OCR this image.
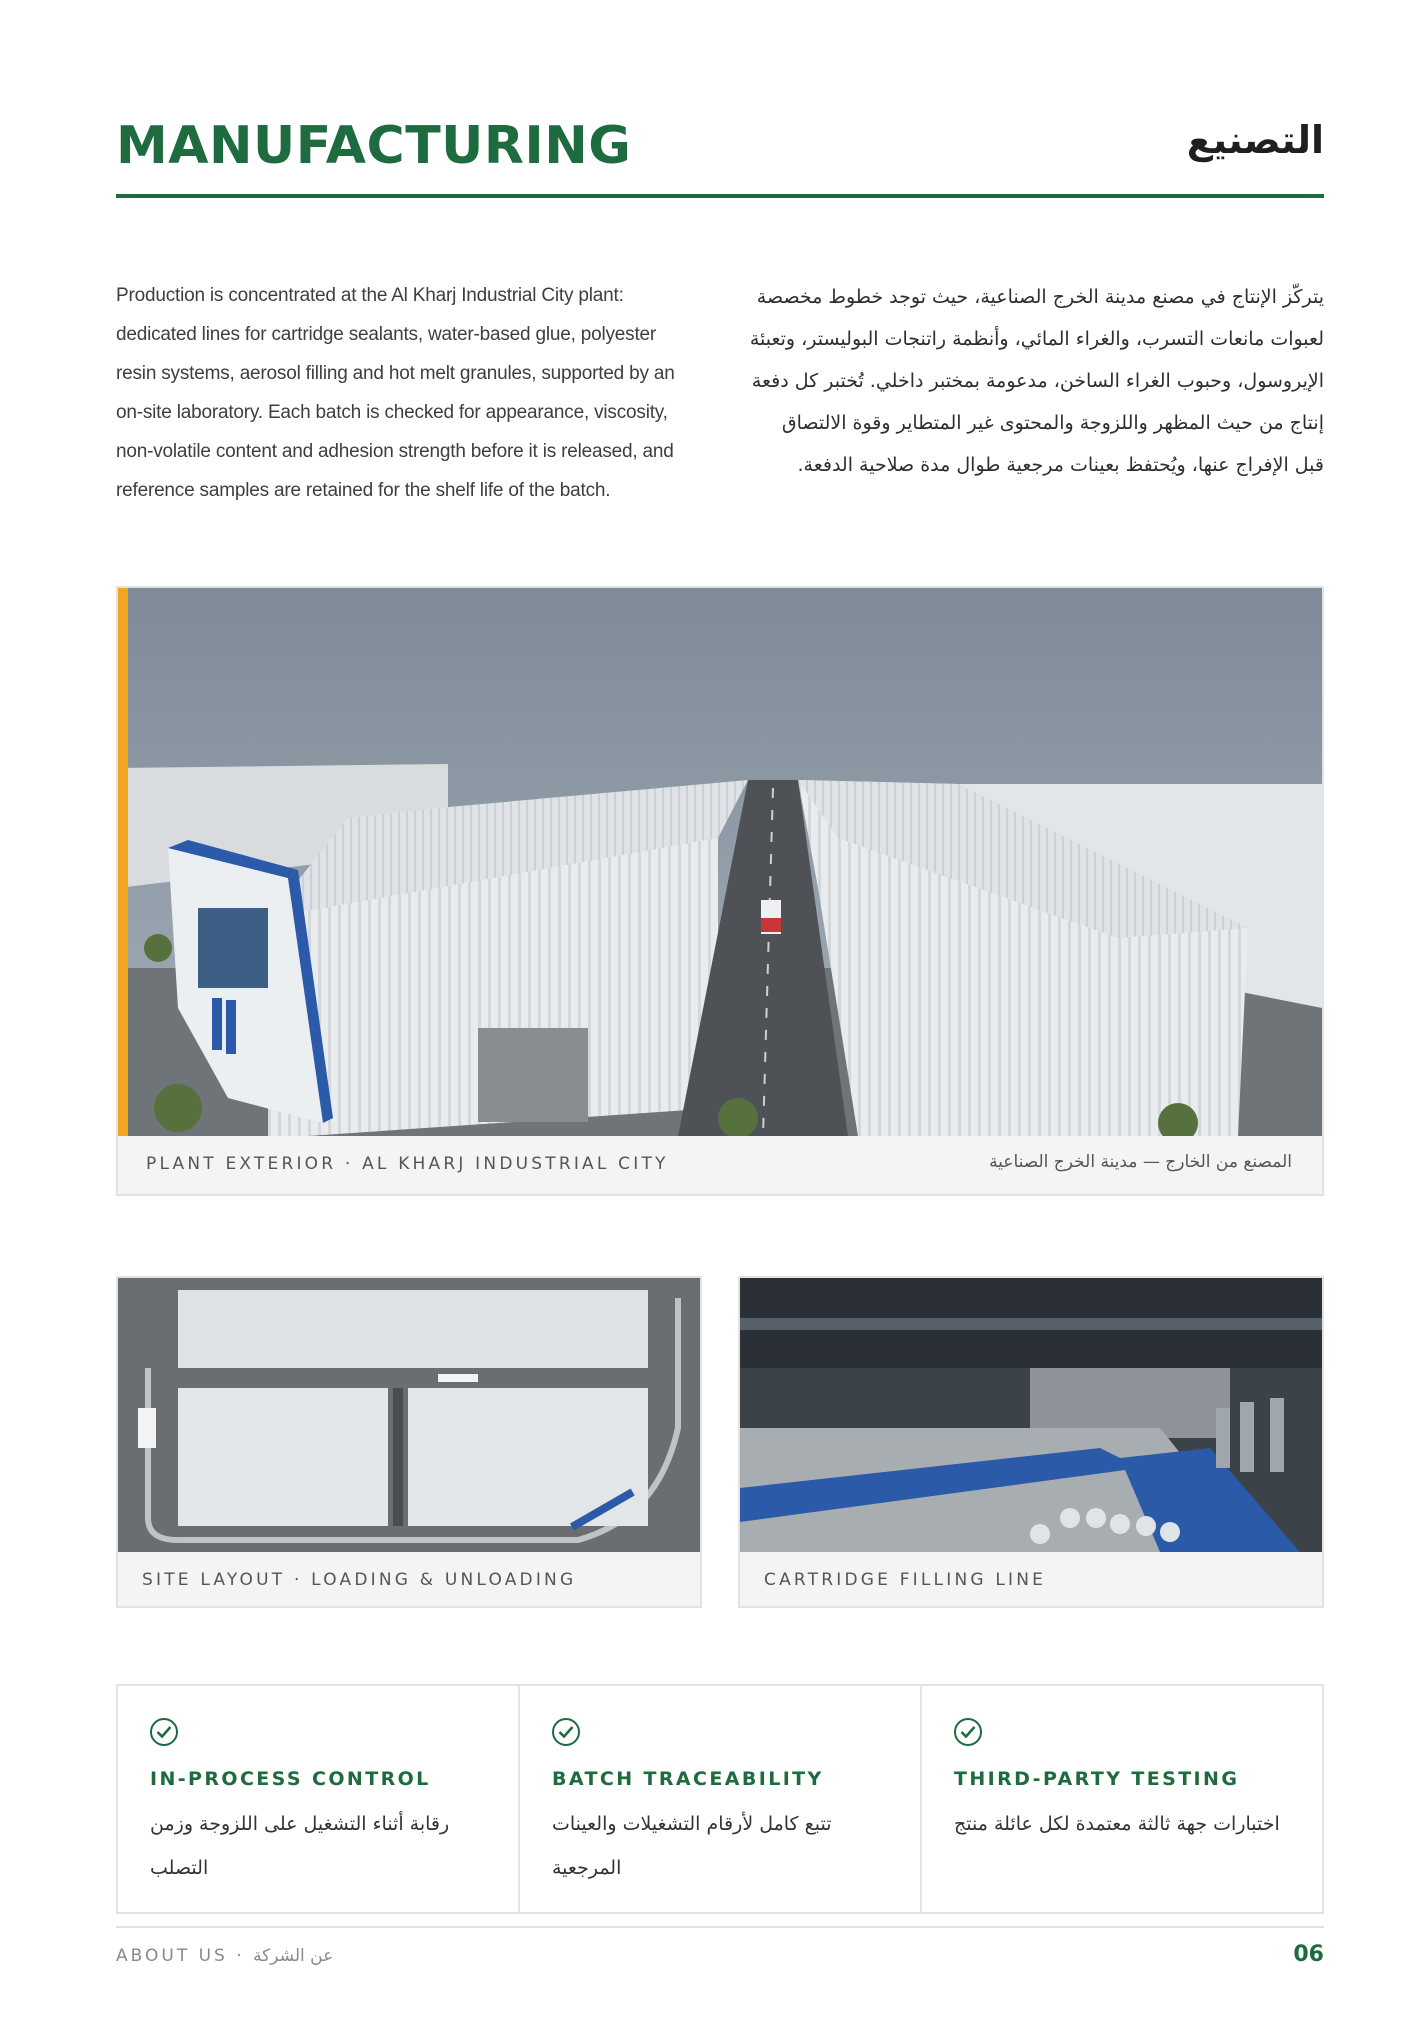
MANUFACTURING	التصنيع

Production is concentrated at the Al Kharj Industrial City plant: dedicated lines for cartridge sealants, water-based glue, polyester resin systems, aerosol filling and hot melt granules, supported by an on-site laboratory. Each batch is checked for appearance, viscosity, non-volatile content and adhesion strength before it is released, and reference samples are retained for the shelf life of the batch.

يتركّز الإنتاج في مصنع مدينة الخرج الصناعية، حيث توجد خطوط مخصصة لعبوات مانعات التسرب، والغراء المائي، وأنظمة راتنجات البوليستر، وتعبئة الإيروسول، وحبوب الغراء الساخن، مدعومة بمختبر داخلي. تُختبر كل دفعة إنتاج من حيث المظهر واللزوجة والمحتوى غير المتطاير وقوة الالتصاق قبل الإفراج عنها، ويُحتفظ بعينات مرجعية طوال مدة صلاحية الدفعة.

PLANT EXTERIOR · AL KHARJ INDUSTRIAL CITY	المصنع من الخارج — مدينة الخرج الصناعية
SITE LAYOUT · LOADING & UNLOADING	CARTRIDGE FILLING LINE
IN-PROCESS CONTROL
رقابة أثناء التشغيل على اللزوجة وزمن التصلب
BATCH TRACEABILITY
تتبع كامل لأرقام التشغيلات والعينات المرجعية
THIRD-PARTY TESTING
اختبارات جهة ثالثة معتمدة لكل عائلة منتج
ABOUT US · عن الشركة	06
